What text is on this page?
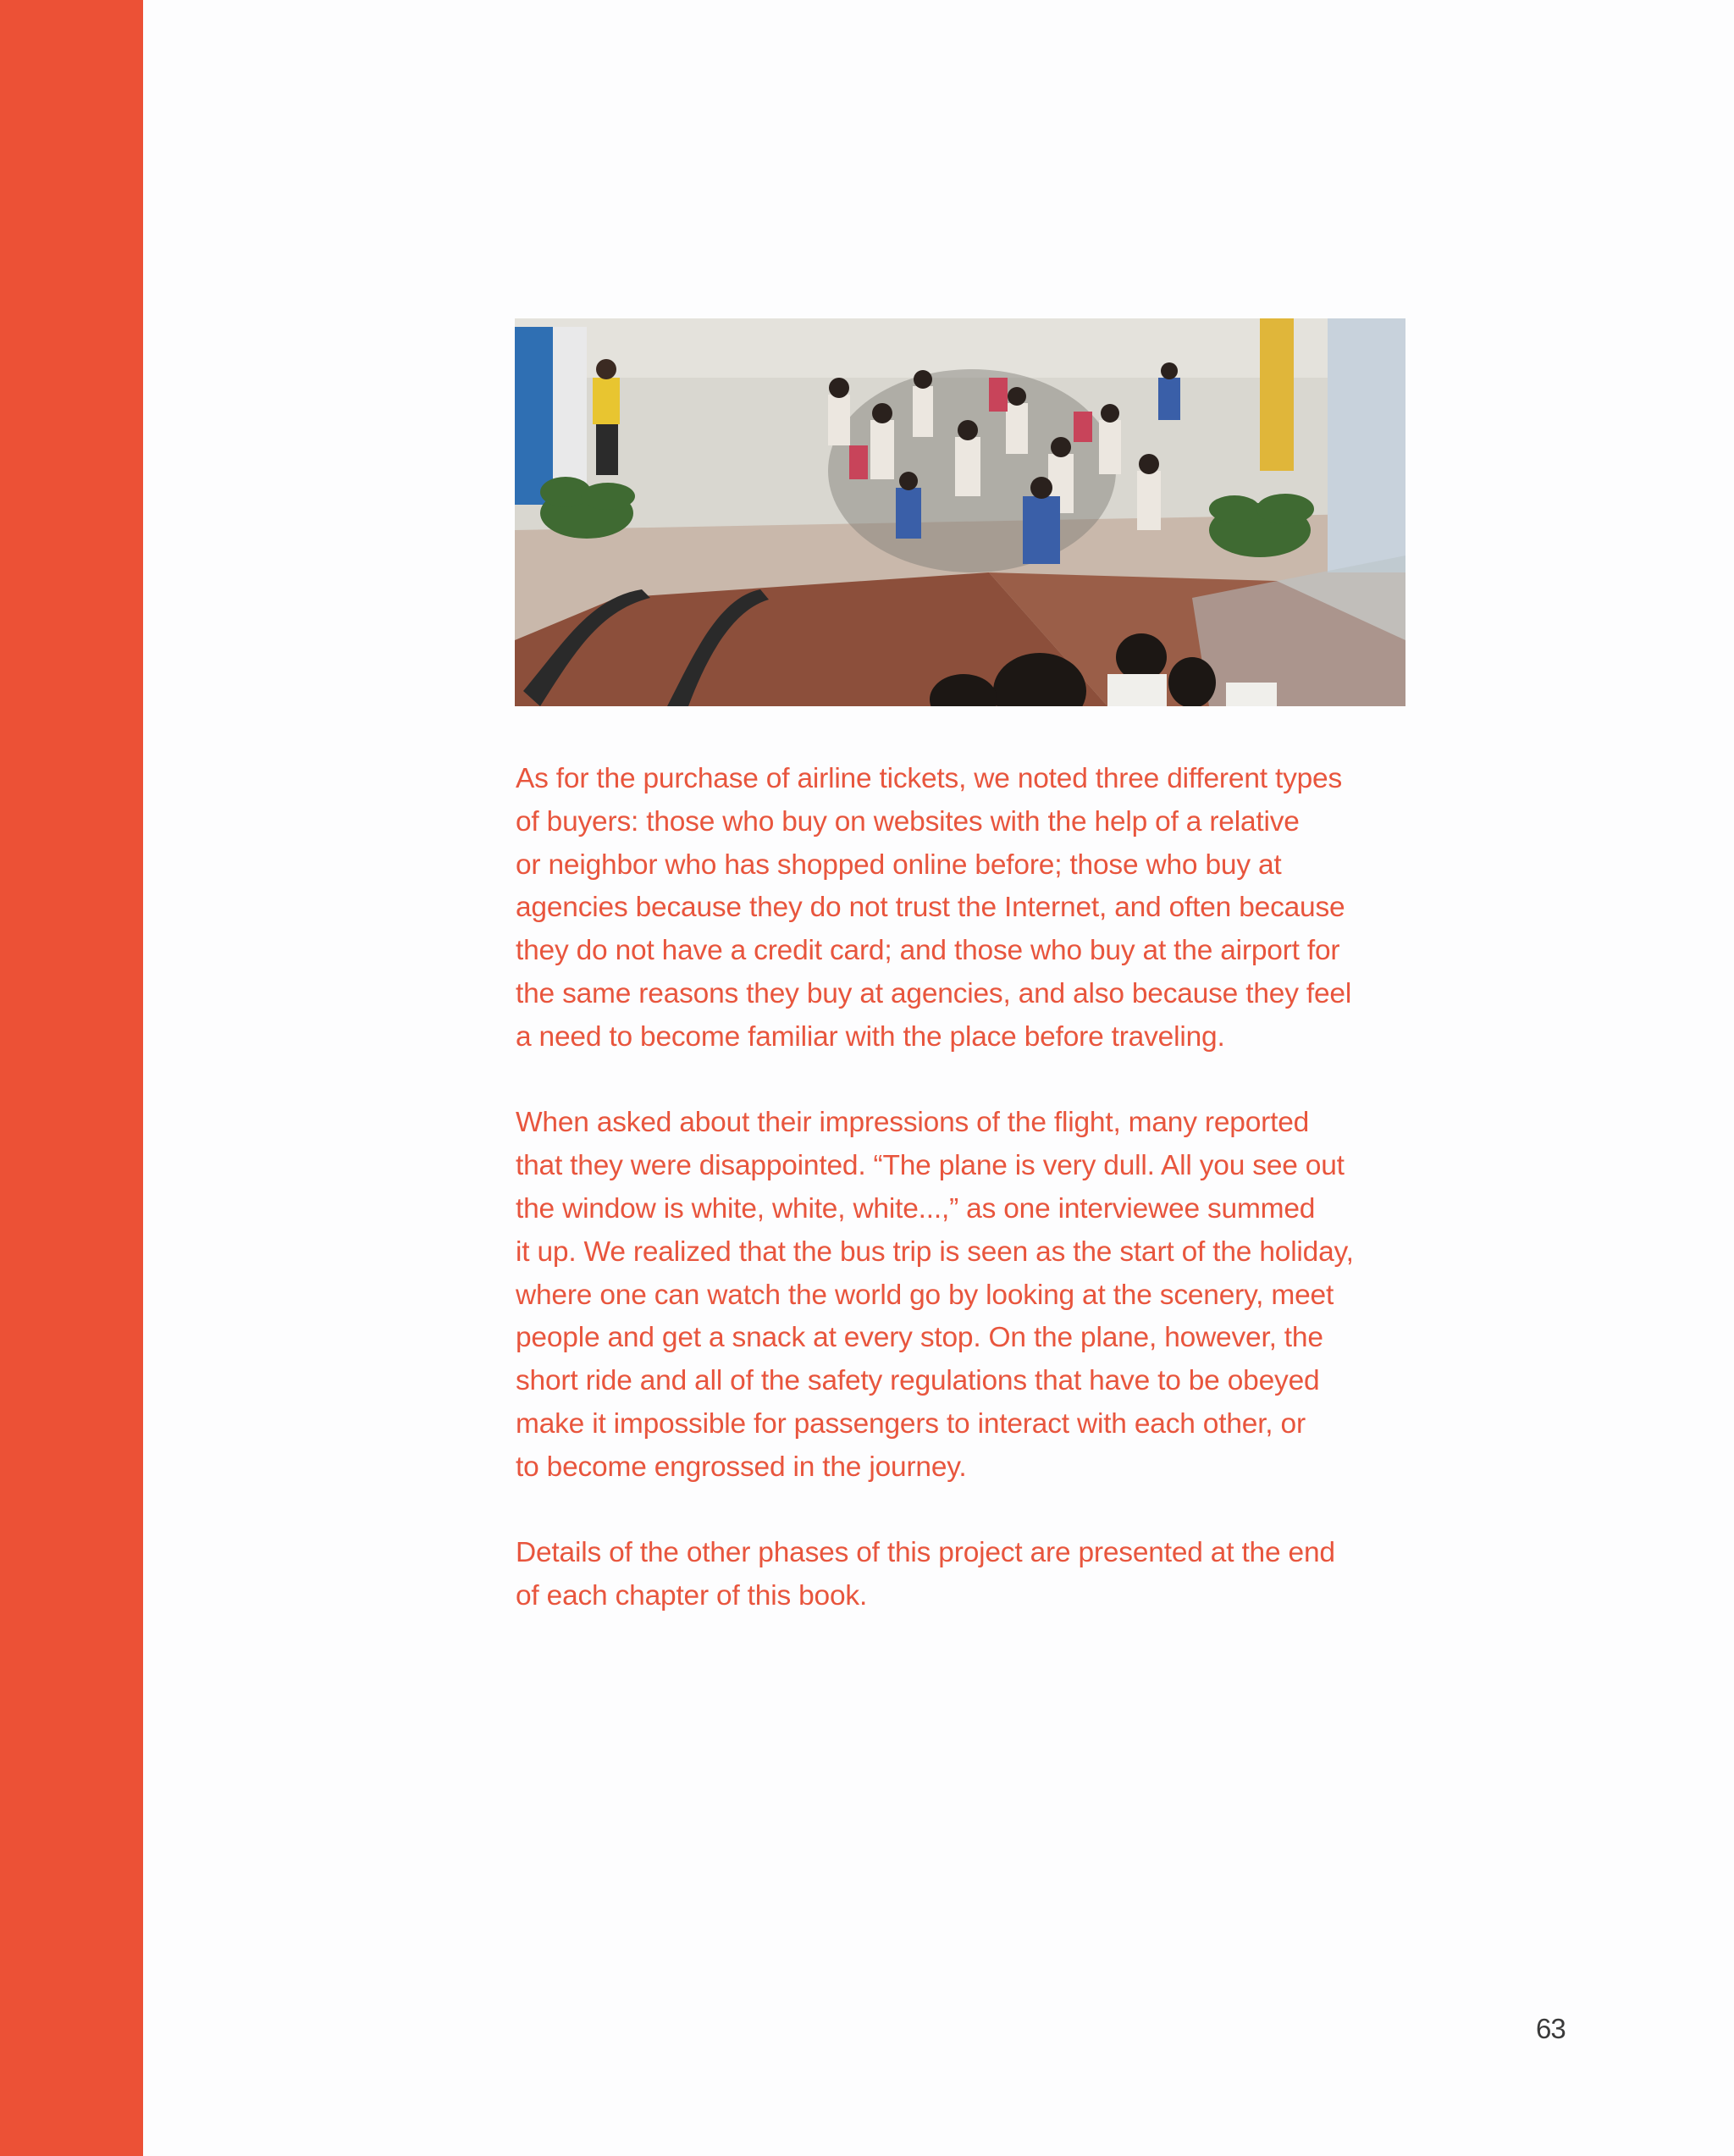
As for the purchase of airline tickets, we noted three different types
of buyers: those who buy on websites with the help of a relative
or neighbor who has shopped online before; those who buy at
agencies because they do not trust the Internet, and often because
they do not have a credit card; and those who buy at the airport for
the same reasons they buy at agencies, and also because they feel
a need to become familiar with the place before traveling.

When asked about their impressions of the flight, many reported
that they were disappointed. “The plane is very dull. All you see out
the window is white, white, white...,” as one interviewee summed
it up. We realized that the bus trip is seen as the start of the holiday,
where one can watch the world go by looking at the scenery, meet
people and get a snack at every stop. On the plane, however, the
short ride and all of the safety regulations that have to be obeyed
make it impossible for passengers to interact with each other, or
to become engrossed in the journey.

Details of the other phases of this project are presented at the end
of each chapter of this book.

63
